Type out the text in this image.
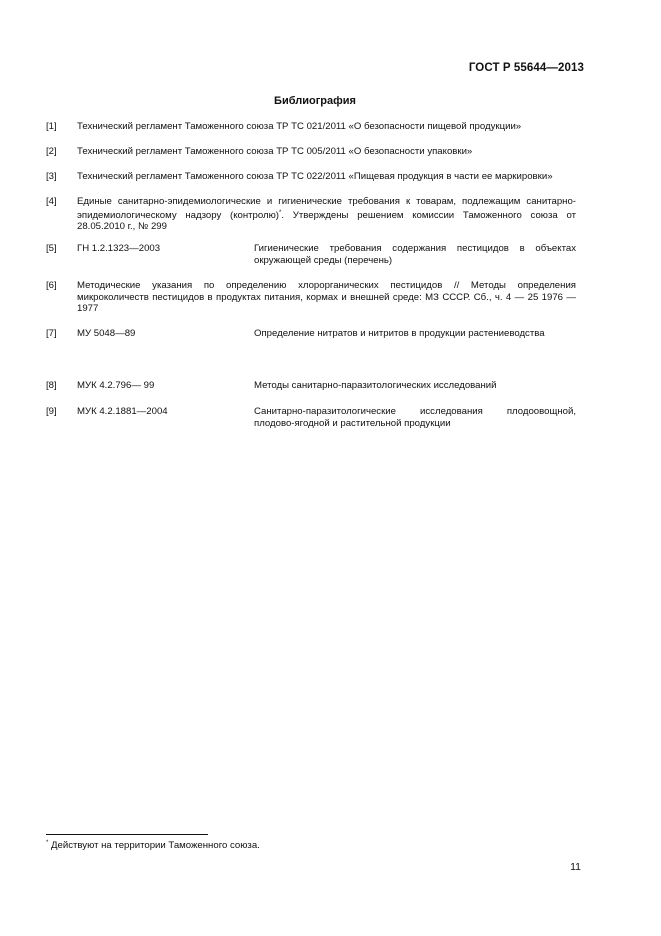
ГОСТ Р 55644—2013
Библиография
[1] Технический регламент Таможенного союза ТР ТС 021/2011 «О безопасности пищевой продукции»
[2] Технический регламент Таможенного союза ТР ТС 005/2011 «О безопасности упаковки»
[3] Технический регламент Таможенного союза ТР ТС 022/2011 «Пищевая продукция в части ее маркировки»
[4] Единые санитарно-эпидемиологические и гигиенические требования к товарам, подлежащим санитарно-эпидемиологическому надзору (контролю)*. Утверждены решением комиссии Таможенного союза от 28.05.2010 г., № 299
[5] ГН 1.2.1323—2003	Гигиенические требования содержания пестицидов в объектах окружающей среды (перечень)
[6] Методические указания по определению хлорорганических пестицидов // Методы определения микроколичеств пестицидов в продуктах питания, кормах и внешней среде: МЗ СССР. Сб., ч. 4 — 25 1976 — 1977
[7] МУ 5048—89	Определение нитратов и нитритов в продукции растениеводства
[8] МУК 4.2.796— 99	Методы санитарно-паразитологических исследований
[9] МУК 4.2.1881—2004	Санитарно-паразитологические исследования плодоовощной, плодово-ягодной и растительной продукции
* Действуют на территории Таможенного союза.
11
